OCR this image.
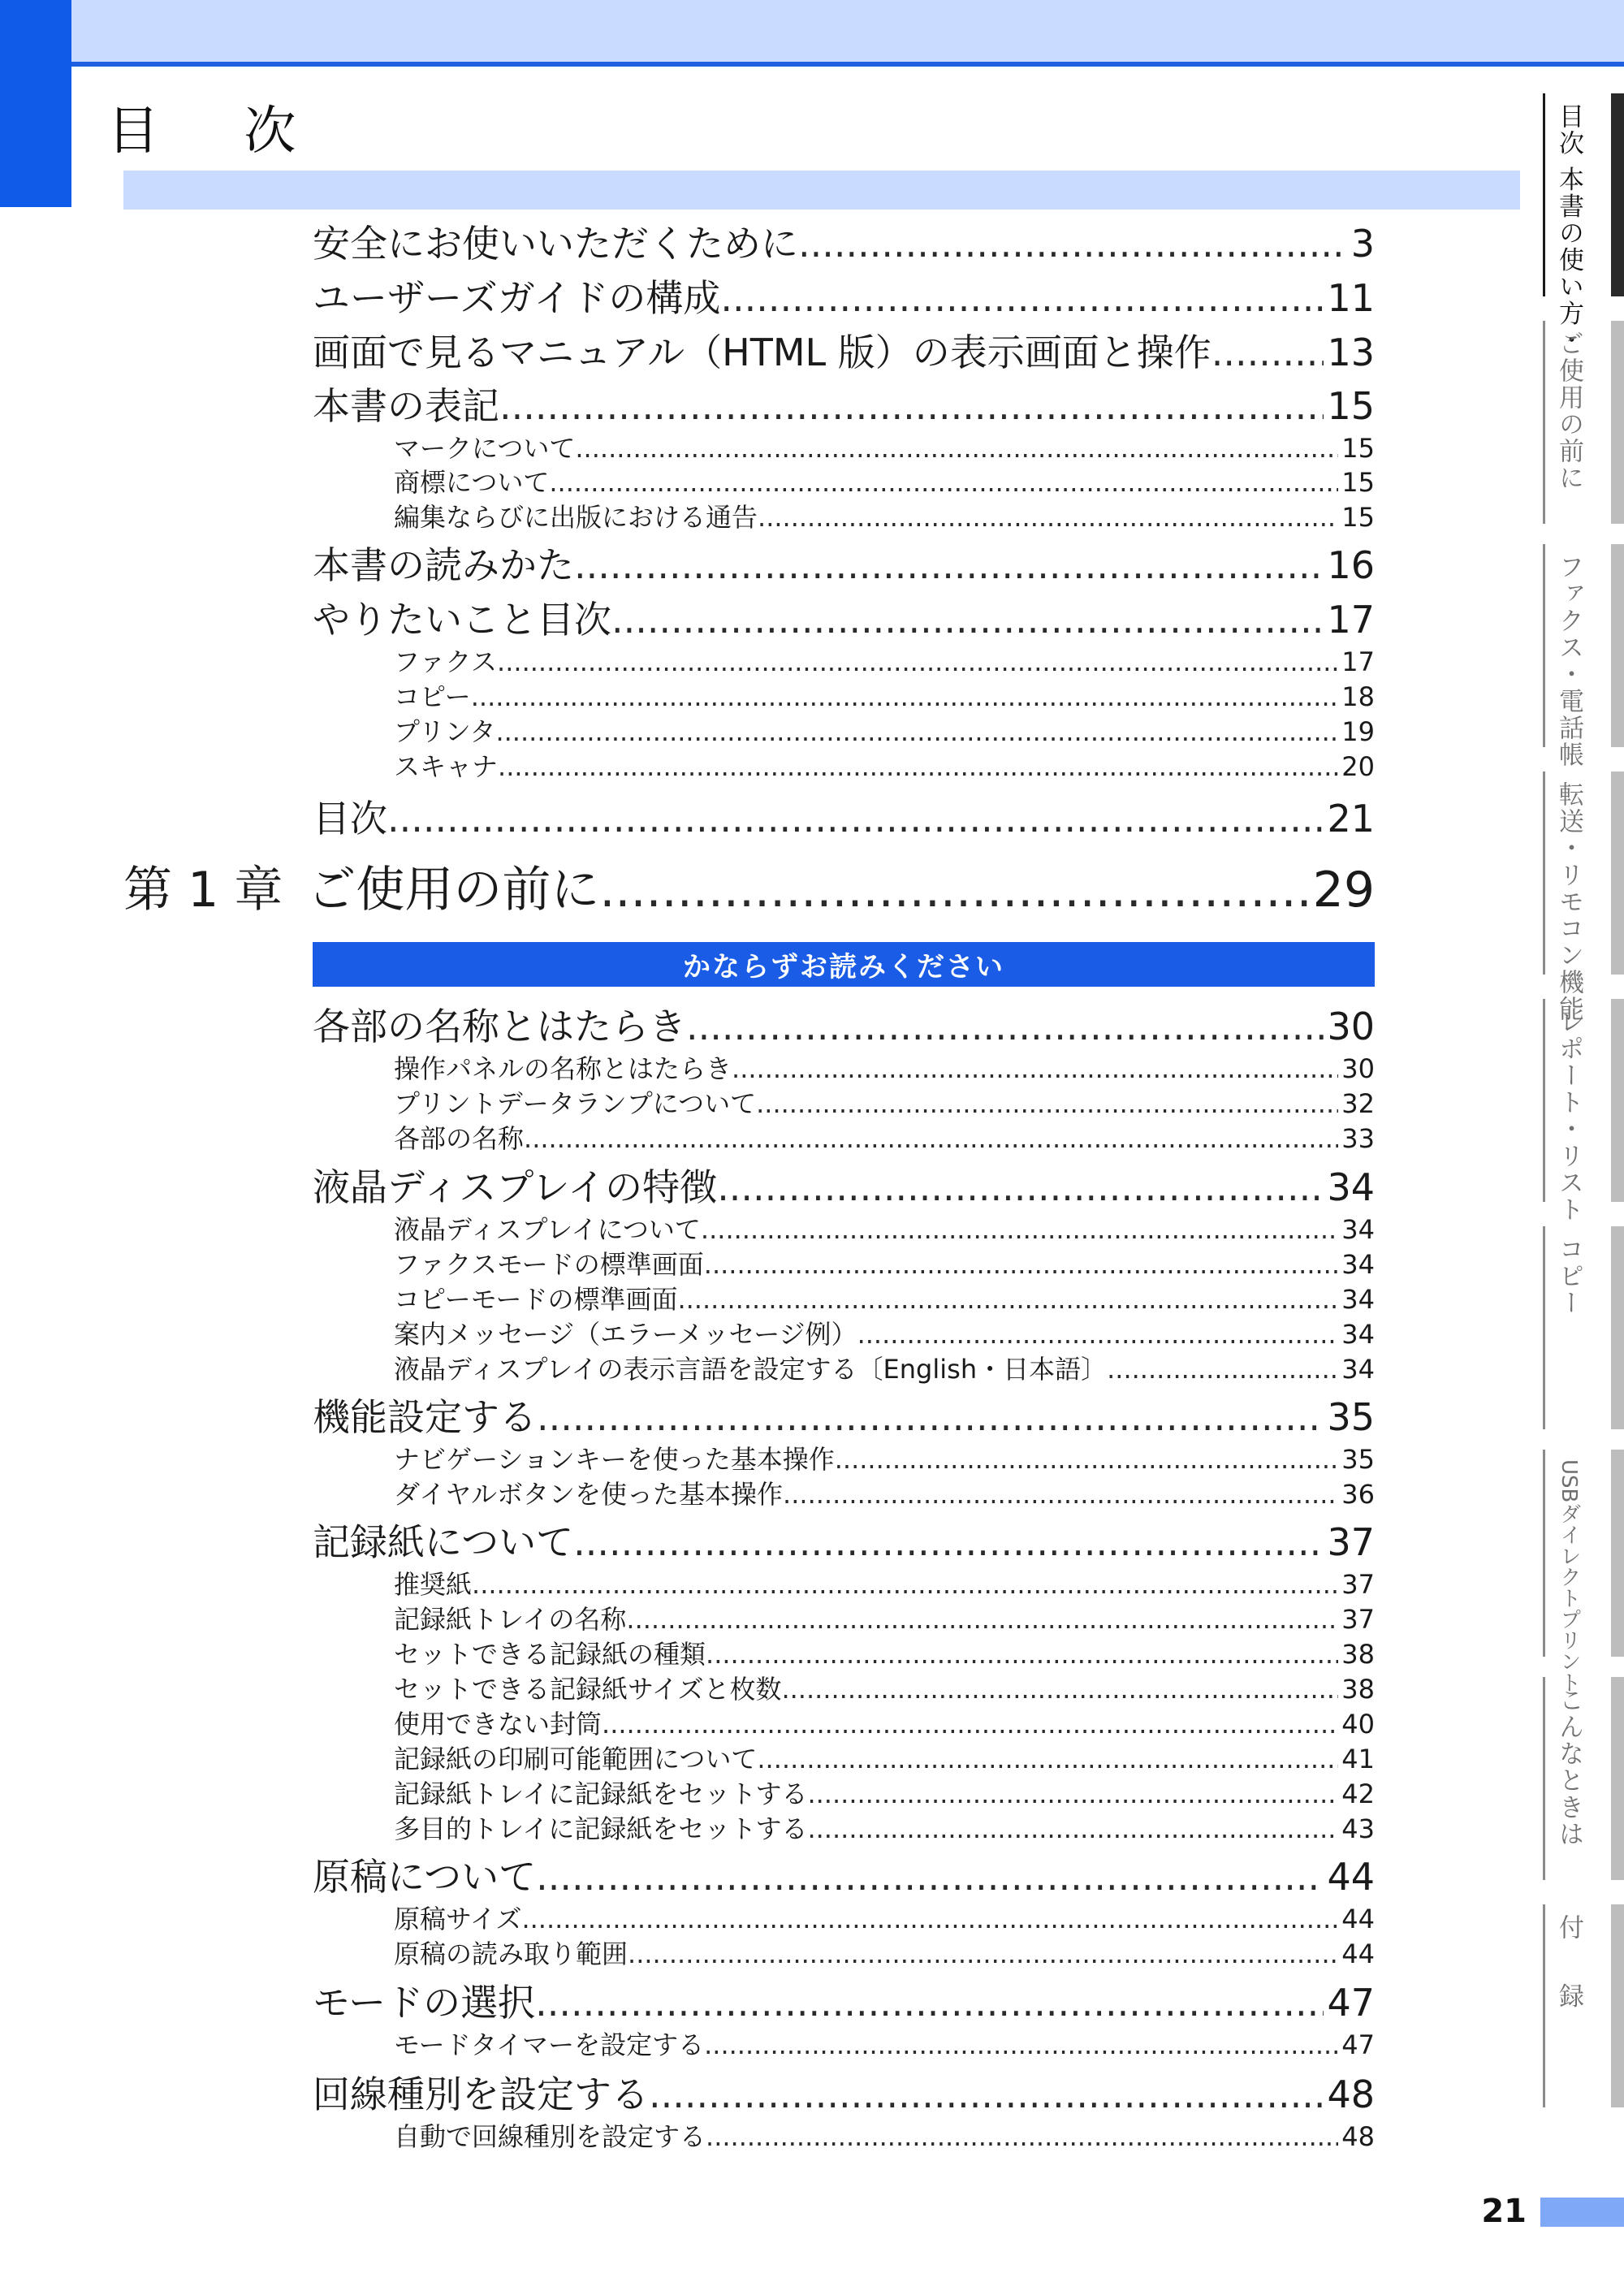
目 次
安全にお使いいただくために .....	3
ユーザーズガイドの構成 .....	11
画面で見るマニュアル（HTML 版）の表示画面と操作 .....	13
本書の表記 .....	15
マークについて .....	15
商標について .....	15
編集ならびに出版における通告 .....	15
本書の読みかた .....	16
やりたいこと目次 .....	17
ファクス .....	17
コピー .....	18
プリンタ .....	19
スキャナ .....	20
目次 .....	21
第 1 章 ご使用の前に .....	29
かならずお読みください
各部の名称とはたらき .....	30
操作パネルの名称とはたらき .....	30
プリントデータランプについて .....	32
各部の名称 .....	33
液晶ディスプレイの特徴 .....	34
液晶ディスプレイについて .....	34
ファクスモードの標準画面 .....	34
コピーモードの標準画面 .....	34
案内メッセージ（エラーメッセージ例） .....	34
液晶ディスプレイの表示言語を設定する〔English・日本語〕 .....	34
機能設定する .....	35
ナビゲーションキーを使った基本操作 .....	35
ダイヤルボタンを使った基本操作 .....	36
記録紙について .....	37
推奨紙 .....	37
記録紙トレイの名称 .....	37
セットできる記録紙の種類 .....	38
セットできる記録紙サイズと枚数 .....	38
使用できない封筒 .....	40
記録紙の印刷可能範囲について .....	41
記録紙トレイに記録紙をセットする .....	42
多目的トレイに記録紙をセットする .....	43
原稿について .....	44
原稿サイズ .....	44
原稿の読み取り範囲 .....	44
モードの選択 .....	47
モードタイマーを設定する .....	47
回線種別を設定する .....	48
自動で回線種別を設定する .....	48
目次 本書の使い方・
ご使用の前に
ファクス・電話帳
転送・リモコン機能
レポート・リスト
コピー
USBダイレクトプリント
こんなときは
付 録
21
